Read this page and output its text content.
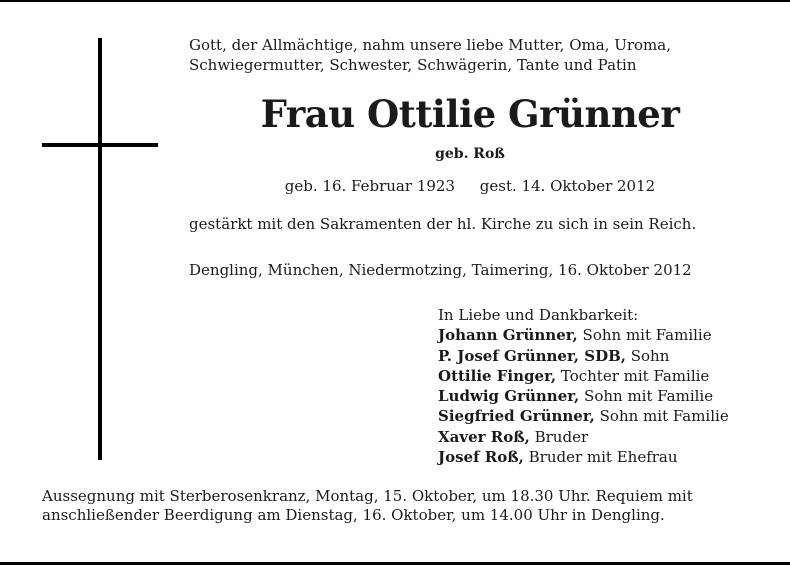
Gott, der Allmächtige, nahm unsere liebe Mutter, Oma, Uroma,
Schwiegermutter, Schwester, Schwägerin, Tante und Patin
Frau Ottilie Grünner
geb. Roß
geb. 16. Februar 1923 gest. 14. Oktober 2012
gestärkt mit den Sakramenten der hl. Kirche zu sich in sein Reich.
Dengling, München, Niedermotzing, Taimering, 16. Oktober 2012
In Liebe und Dankbarkeit:
Johann Grünner, Sohn mit Familie
P. Josef Grünner, SDB, Sohn
Ottilie Finger, Tochter mit Familie
Ludwig Grünner, Sohn mit Familie
Siegfried Grünner, Sohn mit Familie
Xaver Roß, Bruder
Josef Roß, Bruder mit Ehefrau
Aussegnung mit Sterberosenkranz, Montag, 15. Oktober, um 18.30 Uhr. Requiem mit
anschließender Beerdigung am Dienstag, 16. Oktober, um 14.00 Uhr in Dengling.
